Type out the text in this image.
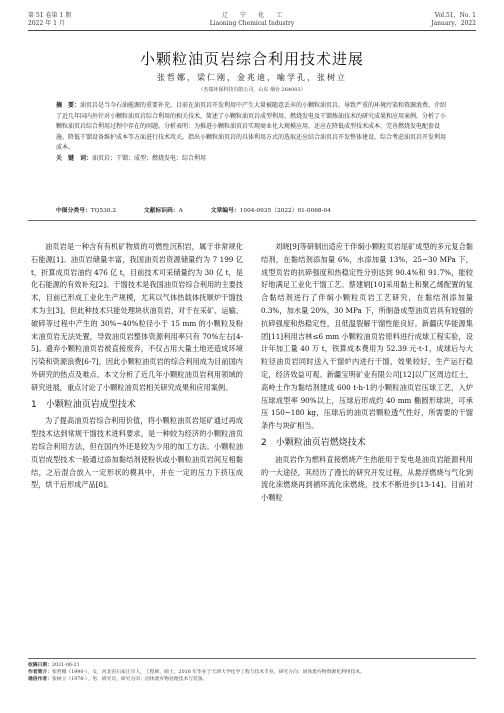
第 51 卷第 1 期
2022 年 1 月
辽　　宁　　化　　工
Liaoning Chemical Industry
Vol.51，No. 1
January，2022
小颗粒油页岩综合利用技术进展
张哲娜，梁仁刚，金兆迪，喻学孔，张树立
（杰瑞环保科技有限公司，山东 烟台 264003）
摘　要：油页岩是当今石油能源的重要补充，目前在油页岩开发利用中产生大量被随意丢弃的小颗粒油页岩，导致严重的环境污染和资源浪费。介绍了近几年国内外针对小颗粒油页岩综合利用的相关技术，简述了小颗粒油页岩成型利用、燃烧发电及干馏炼油技术的研究成果和应用案例。分析了小颗粒油页岩综合利用过程中存在的问题。分析表明：为推进小颗粒油页岩实现商业化大规模应用，还应在降低成型技术成本、完善燃烧发电配套设施、降低干馏设备维护成本等方面进行技术攻关。指出小颗粒油页岩的具体利用方式的选取还应结合油页岩开发整体建设，综合考虑油页岩开发利用成本。
关　键　词：油页岩；干馏；成型；燃烧发电；综合利用
中图分类号：TQ530.2	文献标识码：A	文章编号：1004-0935（2022）01-0068-04

油页岩是一种含有有机矿物质的可燃性沉积岩，属于非常规化石能源[1]。油页岩储量丰富，我国油页岩资源储量约为 7 199 亿 t，折算成页岩油约 476 亿 t，目前技术可采储量约为 30 亿 t，是化石能源的有效补充[2]。干馏技术是我国油页岩综合利用的主要技术，目前已形成工业化生产规模，尤其以气体热载体抚顺炉干馏技术为主[3]，但此种技术只能处理块状油页岩，对于在采矿、运输、破碎等过程中产生的 30%~40%粒径小于 15 mm 的小颗粒及粉末油页岩无法处置，导致油页岩整体资源利用率只有 70%左右[4-5]。遗弃小颗粒油页岩被直接废弃，不仅占用大量土地还造成环境污染和资源浪费[6-7]，因此小颗粒油页岩的综合利用成为目前国内外研究的热点及难点。本文分析了近几年小颗粒油页岩利用领域的研究进展，重点讨论了小颗粒油页岩相关研究成果和应用案例。

1　小颗粒油页岩成型技术

为了提高油页岩综合利用价值，将小颗粒油页岩尾矿通过再成型技术达到常规干馏技术进料要求，是一种较为经济的小颗粒油页岩综合利用方法，但在国内外还是较为少用的加工方法。小颗粒油页岩成型技术一般通过添加黏结剂使粉状或小颗粒油页岩间互相黏结，之后混合放入一定形状的模具中，并在一定的压力下挤压成型，烘干后形成产品[8]。

刘晓[9]等研制出适应于伴焖小颗粒页岩尾矿成型的多元复合黏结剂，在黏结剂添加量 6%，水添加量 13%，25~30 MPa 下，成型页岩的抗碎强度和热稳定性分别达到 90.4%和 91.7%，能较好地满足工业化干馏工艺。蔡建娟[10]采用黏土和聚乙烯配置的复合黏结剂进行了伴焖小颗粒页岩工艺研究，在黏结剂添加量 0.3%，加水量 20%，30 MPa 下，所制备成型油页岩具有较强的抗碎强度和热稳定性，且低温裂解干馏性能良好。新疆庆华能源集团[11]利用吉林≤6 mm 小颗粒油页岩原料进行成球工程实验，设计年加工量 40 万 t，铁算成本费用为 52.39 元·t-1，成球后与大粒径油页岩同时送入干馏炉内进行干馏，效果较好，生产运行稳定，经济效益可观。新疆宝明矿业有限公司[12]以广区周边红土，高岭土作为黏结剂建成 600 t·h-1的小颗粒油页岩压球工艺，入炉压球成型率 90%以上，压球后形成约 40 mm 椭圆形球块，可承压 150~180 kg，压球后的油页岩颗粒透气性好，所需要的干馏条件与块矿相当。

2　小颗粒油页岩燃烧技术

油页岩作为燃料直接燃烧产生热能用于发电是油页岩能源利用的一大途径，其经历了漫长的研究开发过程，从悬浮燃烧与气化到流化床燃烧再到循环流化床燃烧，技术不断进步[13-14]。目前对小颗粒

收稿日期：2021-06-21
作者简介：张哲娜（1990-），女，河北省石家庄市人，工程师，硕士，2016 年毕业于天津大学化学工程与技术专业，研究方向：固体废弃物资源化利用技术。
通信作者：张树立（1976-），男，研究员，研究方向：固体废弃物处理技术与装备。
